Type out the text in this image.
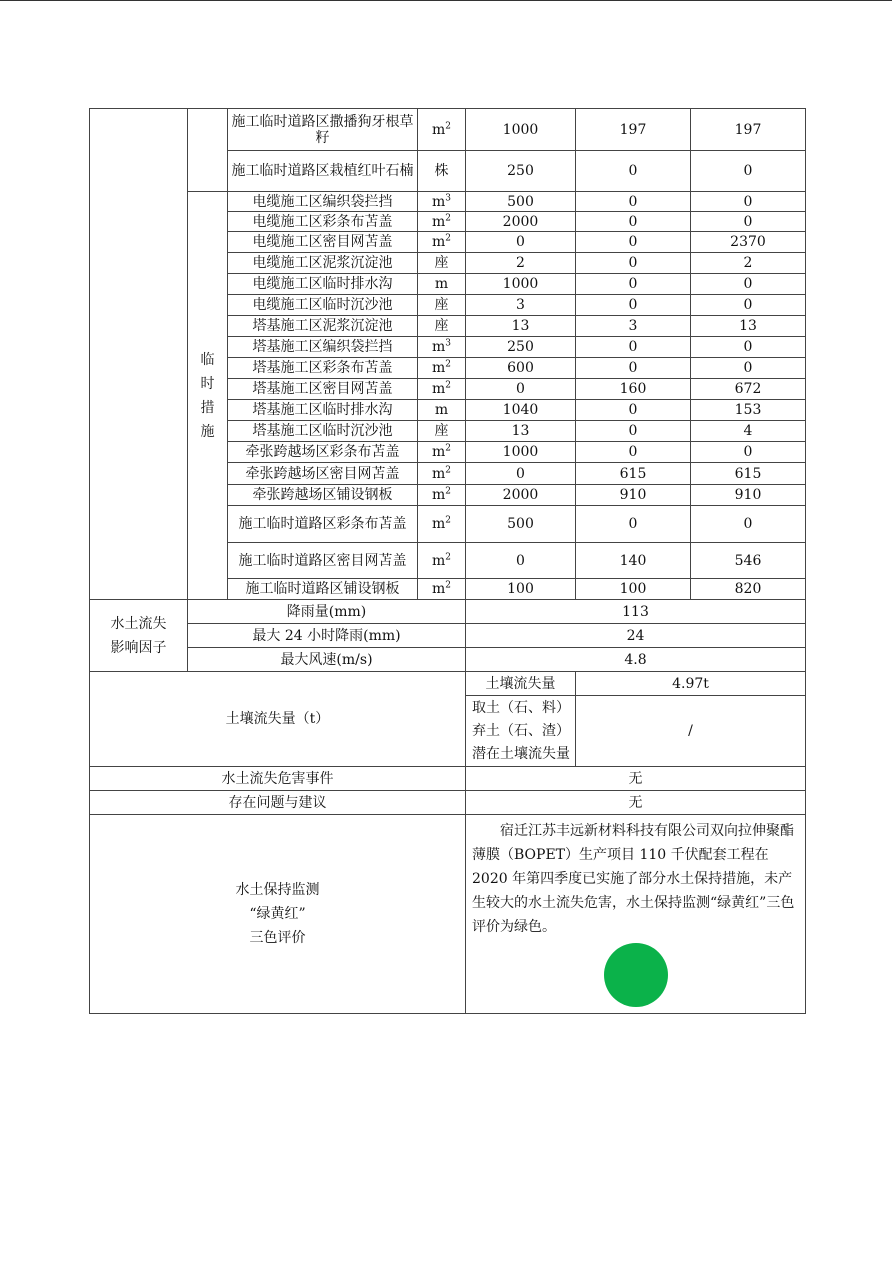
		施工临时道路区撒播狗牙根草籽	$m^2$	1000	197	197
		施工临时道路区栽植红叶石楠	株	250	0	0

	临
时
措
施	电缆施工区编织袋拦挡	$m^3$	500	0	0
		电缆施工区彩条布苫盖	$m^2$	2000	0	0
		电缆施工区密目网苫盖	$m^2$	0	0	2370
		电缆施工区泥浆沉淀池	座	2	0	2
		电缆施工区临时排水沟	m	1000	0	0
		电缆施工区临时沉沙池	座	3	0	0
		塔基施工区泥浆沉淀池	座	13	3	13
		塔基施工区编织袋拦挡	$m^3$	250	0	0
		塔基施工区彩条布苫盖	$m^2$	600	0	0
		塔基施工区密目网苫盖	$m^2$	0	160	672
		塔基施工区临时排水沟	m	1040	0	153
		塔基施工区临时沉沙池	座	13	0	4
		牵张跨越场区彩条布苫盖	$m^2$	1000	0	0
		牵张跨越场区密目网苫盖	$m^2$	0	615	615
		牵张跨越场区铺设钢板	$m^2$	2000	910	910
		施工临时道路区彩条布苫盖	$m^2$	500	0	0
		施工临时道路区密目网苫盖	$m^2$	0	140	546
		施工临时道路区铺设钢板	$m^2$	100	100	820

水土流失
影响因子	降雨量(mm)			113		
	最大 24 小时降雨(mm)			24		
	最大风速(m/s)			4.8		
土壤流失量（t）				土壤流失量	4.97t	

				取土（石、料）
弃土（石、渣）
潜在土壤流失量	/	
水土流失危害事件				无		
存在问题与建议				无		

水土保持监测
“绿黄红”
三色评价				宿迁江苏丰远新材料科技有限公司双向拉伸聚酯薄膜（BOPET）生产项目 110 千伏配套工程在 2020 年第四季度已实施了部分水土保持措施，未产生较大的水土流失危害，水土保持监测“绿黄红”三色评价为绿色。		
